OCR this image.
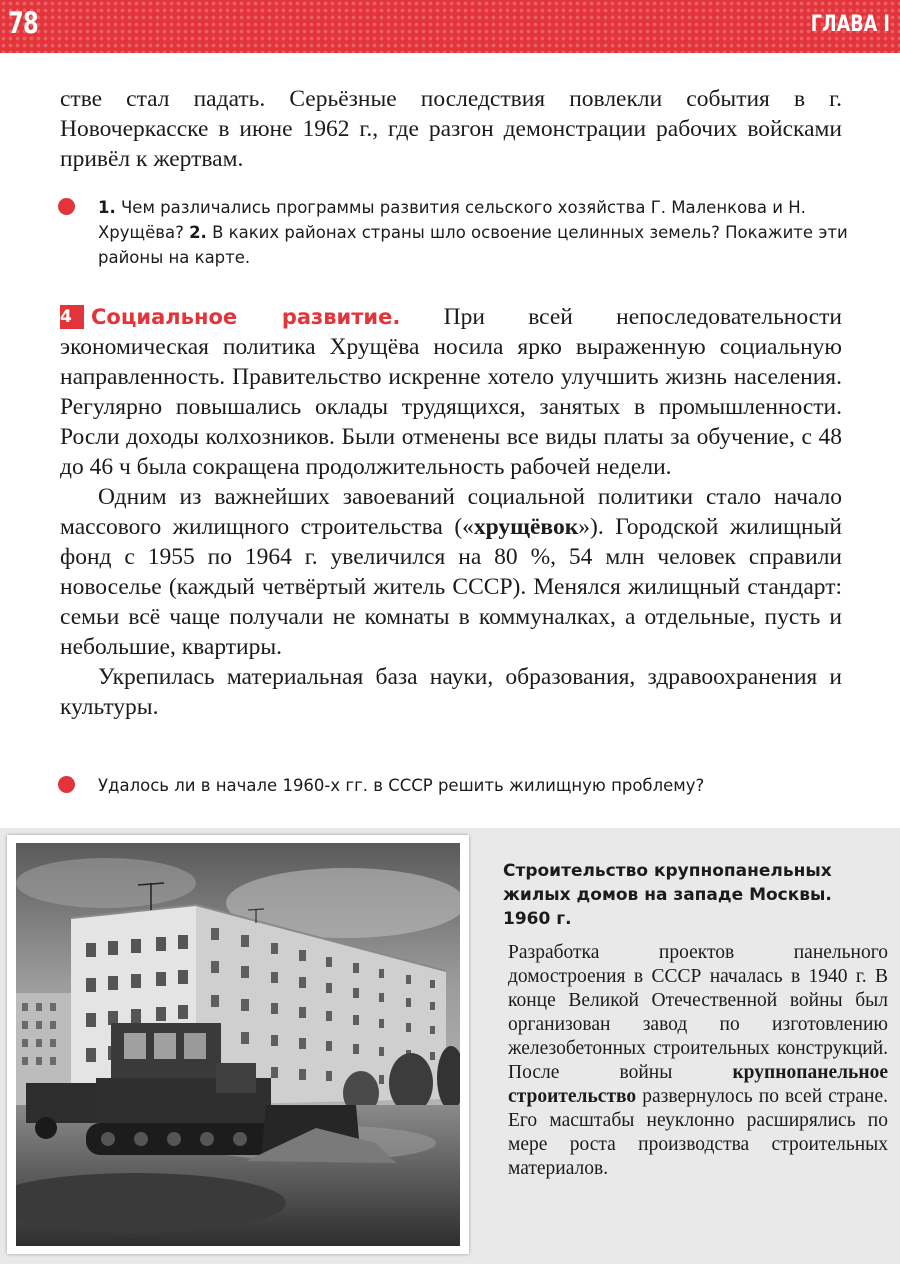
78	ГЛАВА I

стве стал падать. Серьёзные последствия повлекли события в г. Новочеркасске в июне 1962 г., где разгон демонстрации рабочих войсками привёл к жертвам.

1. Чем различались программы развития сельского хозяйства Г. Маленкова и Н. Хрущёва? 2. В каких районах страны шло освоение целинных земель? Покажите эти районы на карте.

4 Социальное развитие. При всей непоследовательности экономическая политика Хрущёва носила ярко выраженную социальную направленность. Правительство искренне хотело улучшить жизнь населения. Регулярно повышались оклады трудящихся, занятых в промышленности. Росли доходы колхозников. Были отменены все виды платы за обучение, с 48 до 46 ч была сокращена продолжительность рабочей недели.

Одним из важнейших завоеваний социальной политики стало начало массового жилищного строительства («хрущёвок»). Городской жилищный фонд с 1955 по 1964 г. увеличился на 80 %, 54 млн человек справили новоселье (каждый четвёртый житель СССР). Менялся жилищный стандарт: семьи всё чаще получали не комнаты в коммуналках, а отдельные, пусть и небольшие, квартиры.

Укрепилась материальная база науки, образования, здравоохранения и культуры.

Удалось ли в начале 1960-х гг. в СССР решить жилищную проблему?
Строительство крупнопанельных жилых домов на западе Москвы. 1960 г.
Разработка проектов панельного домостроения в СССР началась в 1940 г. В конце Великой Отечественной войны был организован завод по изготовлению железобетонных строительных конструкций. После войны крупнопанельное строительство развернулось по всей стране. Его масштабы неуклонно расширялись по мере роста производства строительных материалов.
